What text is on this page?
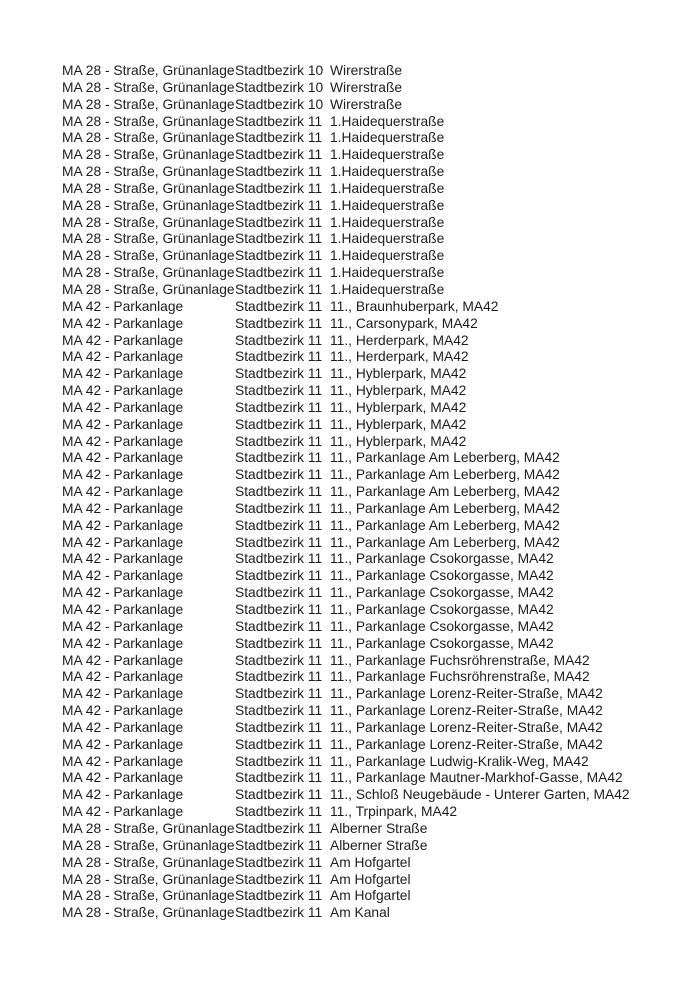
MA 28 - Straße, Grünanlage Stadtbezirk 10 Wirerstraße
MA 28 - Straße, Grünanlage Stadtbezirk 10 Wirerstraße
MA 28 - Straße, Grünanlage Stadtbezirk 10 Wirerstraße
MA 28 - Straße, Grünanlage Stadtbezirk 11 1.Haidequerstraße
MA 28 - Straße, Grünanlage Stadtbezirk 11 1.Haidequerstraße
MA 28 - Straße, Grünanlage Stadtbezirk 11 1.Haidequerstraße
MA 28 - Straße, Grünanlage Stadtbezirk 11 1.Haidequerstraße
MA 28 - Straße, Grünanlage Stadtbezirk 11 1.Haidequerstraße
MA 28 - Straße, Grünanlage Stadtbezirk 11 1.Haidequerstraße
MA 28 - Straße, Grünanlage Stadtbezirk 11 1.Haidequerstraße
MA 28 - Straße, Grünanlage Stadtbezirk 11 1.Haidequerstraße
MA 28 - Straße, Grünanlage Stadtbezirk 11 1.Haidequerstraße
MA 28 - Straße, Grünanlage Stadtbezirk 11 1.Haidequerstraße
MA 28 - Straße, Grünanlage Stadtbezirk 11 1.Haidequerstraße
MA 42 - Parkanlage	Stadtbezirk 11 11., Braunhuberpark, MA42
MA 42 - Parkanlage	Stadtbezirk 11 11., Carsonypark, MA42
MA 42 - Parkanlage	Stadtbezirk 11 11., Herderpark, MA42
MA 42 - Parkanlage	Stadtbezirk 11 11., Herderpark, MA42
MA 42 - Parkanlage	Stadtbezirk 11 11., Hyblerpark, MA42
MA 42 - Parkanlage	Stadtbezirk 11 11., Hyblerpark, MA42
MA 42 - Parkanlage	Stadtbezirk 11 11., Hyblerpark, MA42
MA 42 - Parkanlage	Stadtbezirk 11 11., Hyblerpark, MA42
MA 42 - Parkanlage	Stadtbezirk 11 11., Hyblerpark, MA42
MA 42 - Parkanlage	Stadtbezirk 11 11., Parkanlage Am Leberberg, MA42
MA 42 - Parkanlage	Stadtbezirk 11 11., Parkanlage Am Leberberg, MA42
MA 42 - Parkanlage	Stadtbezirk 11 11., Parkanlage Am Leberberg, MA42
MA 42 - Parkanlage	Stadtbezirk 11 11., Parkanlage Am Leberberg, MA42
MA 42 - Parkanlage	Stadtbezirk 11 11., Parkanlage Am Leberberg, MA42
MA 42 - Parkanlage	Stadtbezirk 11 11., Parkanlage Am Leberberg, MA42
MA 42 - Parkanlage	Stadtbezirk 11 11., Parkanlage Csokorgasse, MA42
MA 42 - Parkanlage	Stadtbezirk 11 11., Parkanlage Csokorgasse, MA42
MA 42 - Parkanlage	Stadtbezirk 11 11., Parkanlage Csokorgasse, MA42
MA 42 - Parkanlage	Stadtbezirk 11 11., Parkanlage Csokorgasse, MA42
MA 42 - Parkanlage	Stadtbezirk 11 11., Parkanlage Csokorgasse, MA42
MA 42 - Parkanlage	Stadtbezirk 11 11., Parkanlage Csokorgasse, MA42
MA 42 - Parkanlage	Stadtbezirk 11 11., Parkanlage Fuchsröhrenstraße, MA42
MA 42 - Parkanlage	Stadtbezirk 11 11., Parkanlage Fuchsröhrenstraße, MA42
MA 42 - Parkanlage	Stadtbezirk 11 11., Parkanlage Lorenz-Reiter-Straße, MA42
MA 42 - Parkanlage	Stadtbezirk 11 11., Parkanlage Lorenz-Reiter-Straße, MA42
MA 42 - Parkanlage	Stadtbezirk 11 11., Parkanlage Lorenz-Reiter-Straße, MA42
MA 42 - Parkanlage	Stadtbezirk 11 11., Parkanlage Lorenz-Reiter-Straße, MA42
MA 42 - Parkanlage	Stadtbezirk 11 11., Parkanlage Ludwig-Kralik-Weg, MA42
MA 42 - Parkanlage	Stadtbezirk 11 11., Parkanlage Mautner-Markhof-Gasse, MA42
MA 42 - Parkanlage	Stadtbezirk 11 11., Schloß Neugebäude - Unterer Garten, MA42
MA 42 - Parkanlage	Stadtbezirk 11 11., Trpinpark, MA42
MA 28 - Straße, Grünanlage Stadtbezirk 11 Alberner Straße
MA 28 - Straße, Grünanlage Stadtbezirk 11 Alberner Straße
MA 28 - Straße, Grünanlage Stadtbezirk 11 Am Hofgartel
MA 28 - Straße, Grünanlage Stadtbezirk 11 Am Hofgartel
MA 28 - Straße, Grünanlage Stadtbezirk 11 Am Hofgartel
MA 28 - Straße, Grünanlage Stadtbezirk 11 Am Kanal
